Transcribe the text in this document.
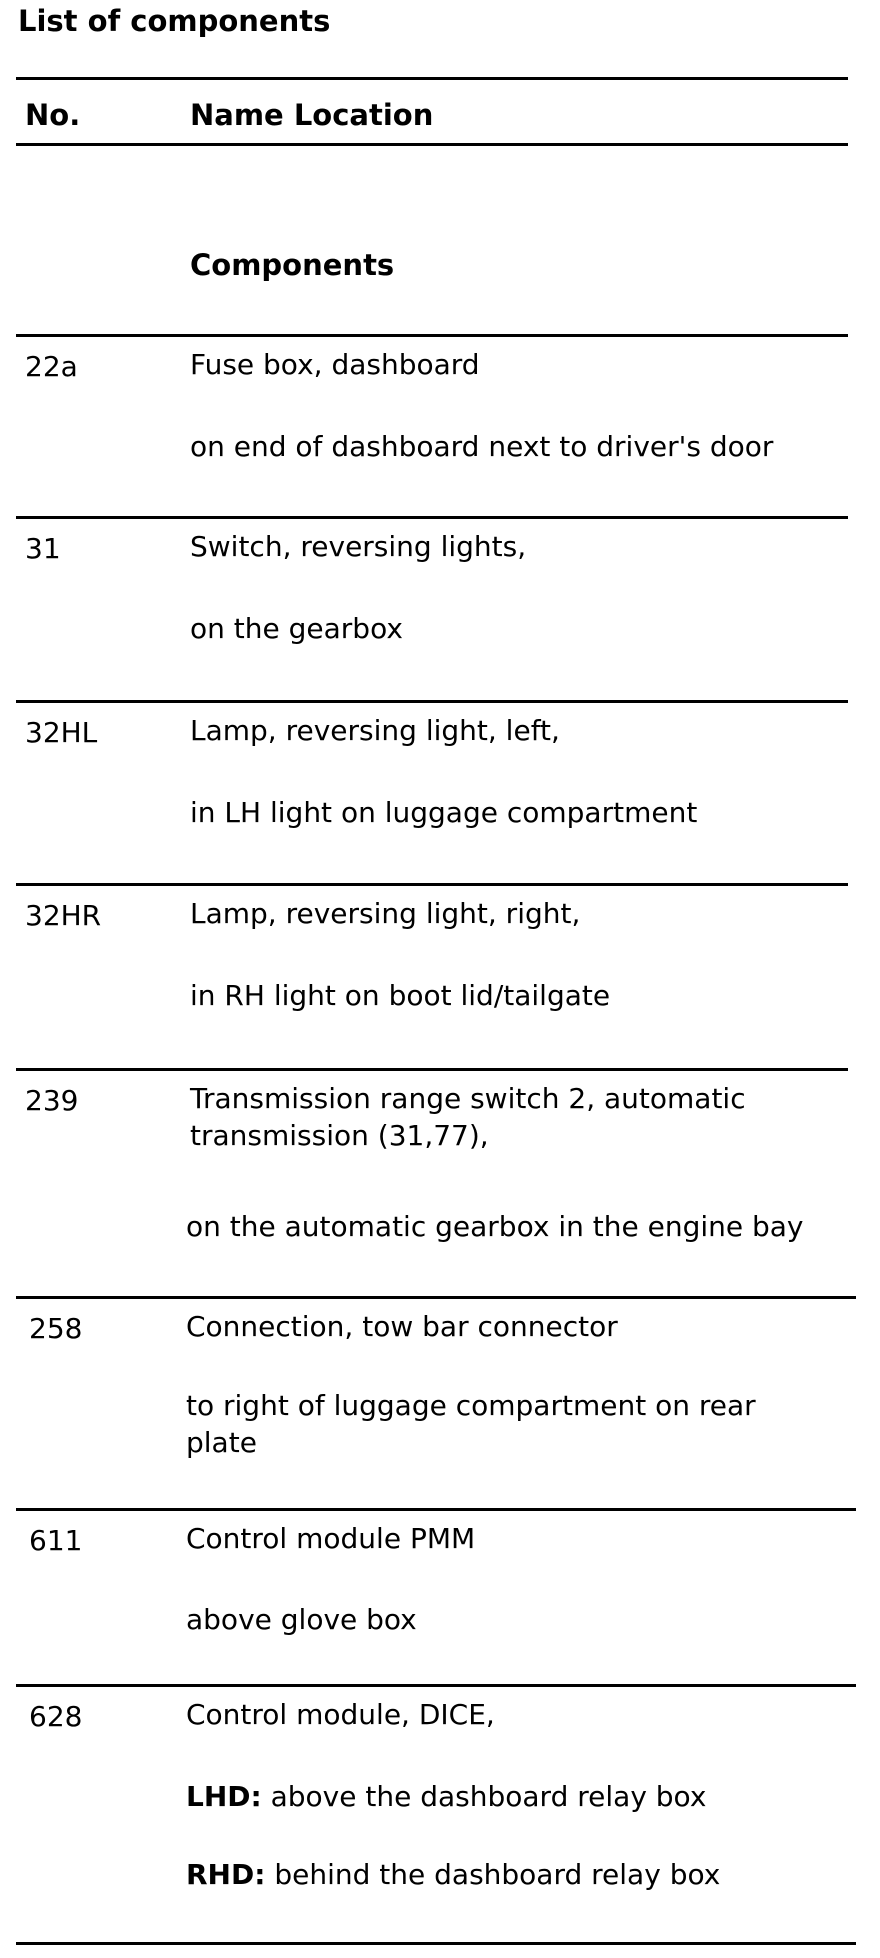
List of components
No.	Name Location
Components
22a	Fuse box, dashboard
on end of dashboard next to driver's door
31	Switch, reversing lights,
on the gearbox
32HL	Lamp, reversing light, left,
in LH light on luggage compartment
32HR	Lamp, reversing light, right,
in RH light on boot lid/tailgate
239	Transmission range switch 2, automatic transmission (31,77),
on the automatic gearbox in the engine bay
258	Connection, tow bar connector
to right of luggage compartment on rear plate
611	Control module PMM
above glove box
628	Control module, DICE,
LHD: above the dashboard relay box
RHD: behind the dashboard relay box
